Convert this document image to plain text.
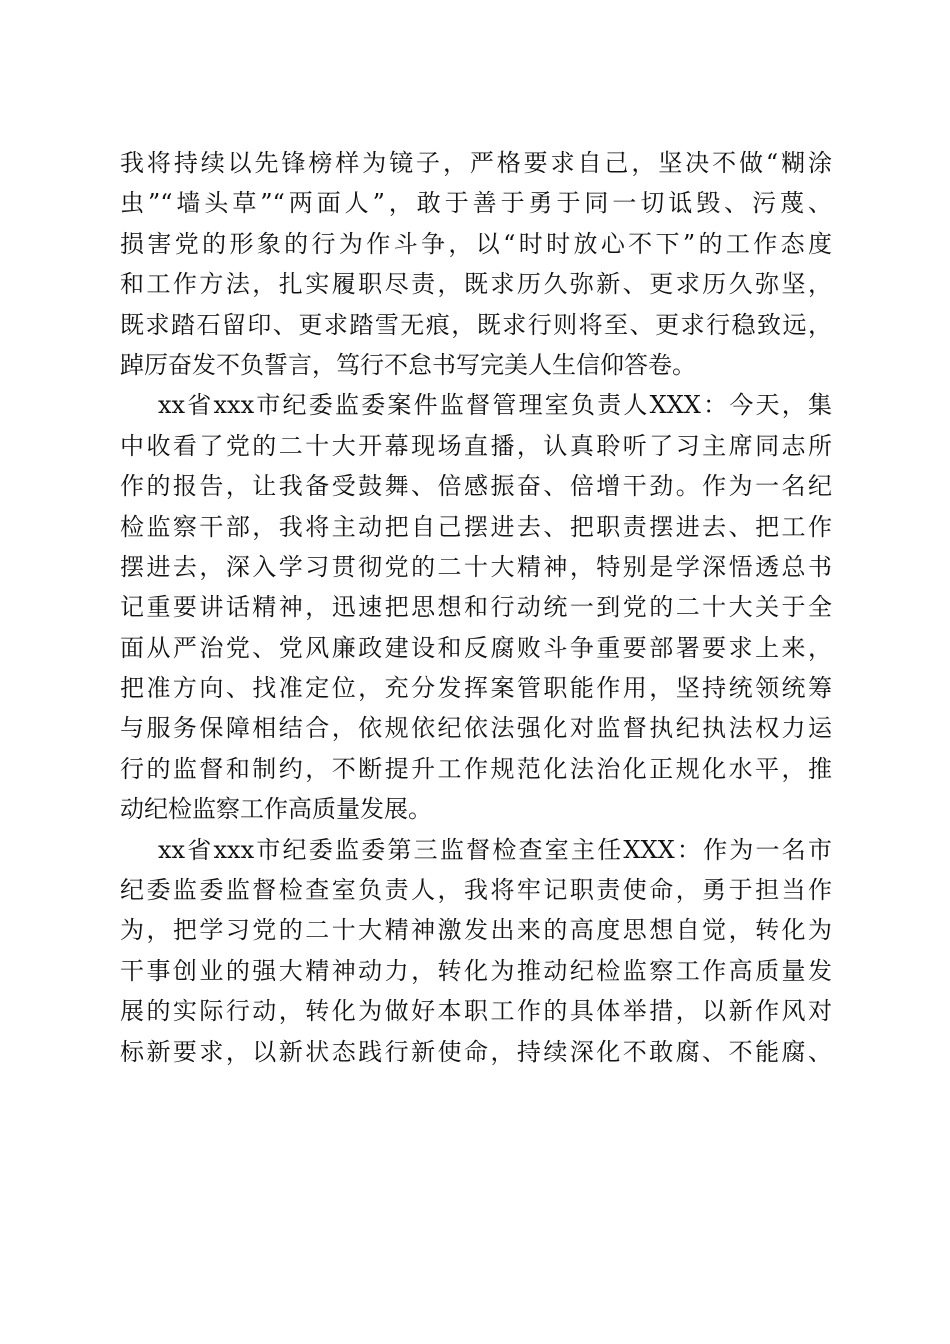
我将持续以先锋榜样为镜子，严格要求自己，坚决不做“糊涂
虫”“墙头草”“两面人”，敢于善于勇于同一切诋毁、污蔑、
损害党的形象的行为作斗争，以“时时放心不下”的工作态度
和工作方法，扎实履职尽责，既求历久弥新、更求历久弥坚，
既求踏石留印、更求踏雪无痕，既求行则将至、更求行稳致远，
踔厉奋发不负誓言，笃行不怠书写完美人生信仰答卷。
xx省xxx市纪委监委案件监督管理室负责人XXX：今天，集
中收看了党的二十大开幕现场直播，认真聆听了习主席同志所
作的报告，让我备受鼓舞、倍感振奋、倍增干劲。作为一名纪
检监察干部，我将主动把自己摆进去、把职责摆进去、把工作
摆进去，深入学习贯彻党的二十大精神，特别是学深悟透总书
记重要讲话精神，迅速把思想和行动统一到党的二十大关于全
面从严治党、党风廉政建设和反腐败斗争重要部署要求上来，
把准方向、找准定位，充分发挥案管职能作用，坚持统领统筹
与服务保障相结合，依规依纪依法强化对监督执纪执法权力运
行的监督和制约，不断提升工作规范化法治化正规化水平，推
动纪检监察工作高质量发展。
xx省xxx市纪委监委第三监督检查室主任XXX：作为一名市
纪委监委监督检查室负责人，我将牢记职责使命，勇于担当作
为，把学习党的二十大精神激发出来的高度思想自觉，转化为
干事创业的强大精神动力，转化为推动纪检监察工作高质量发
展的实际行动，转化为做好本职工作的具体举措，以新作风对
标新要求，以新状态践行新使命，持续深化不敢腐、不能腐、
